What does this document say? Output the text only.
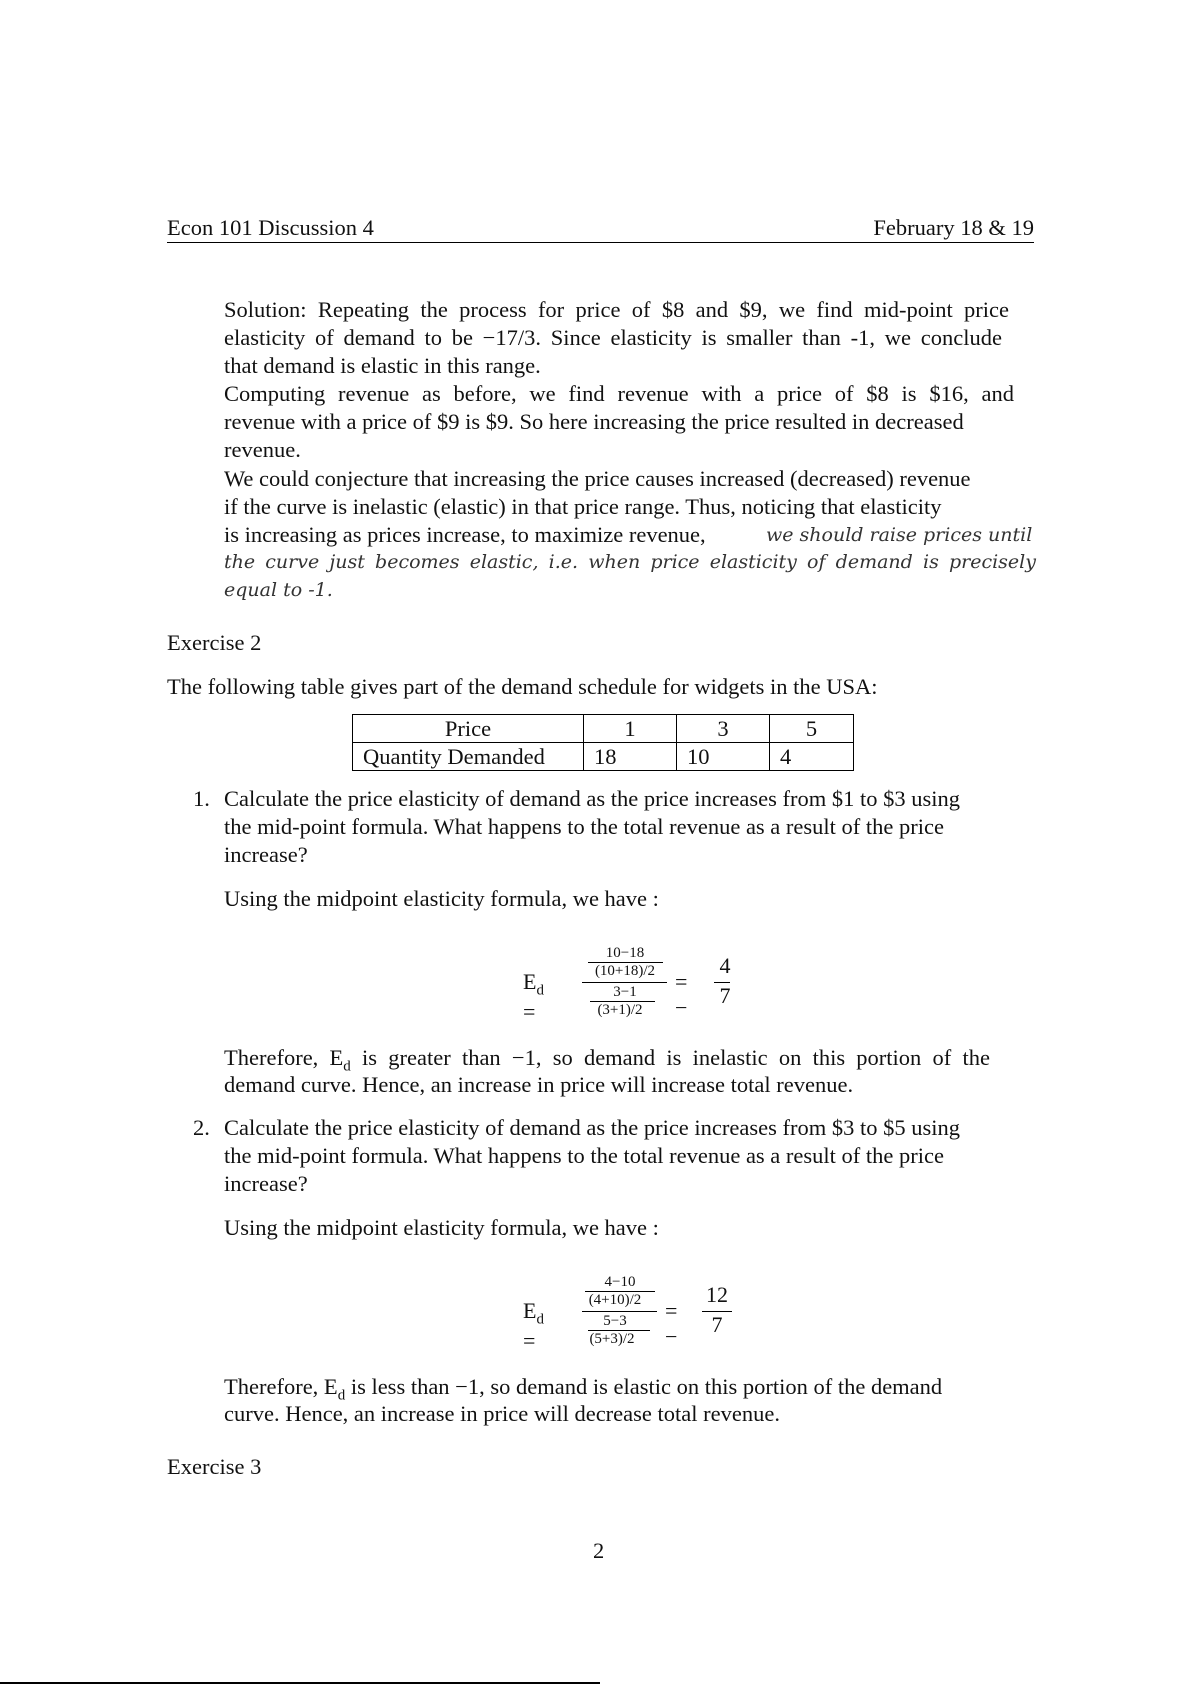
Econ 101 Discussion 4	February 18 & 19
Solution: Repeating the process for price of $8 and $9, we find mid-point price
elasticity of demand to be −17/3. Since elasticity is smaller than -1, we conclude
that demand is elastic in this range.
Computing revenue as before, we find revenue with a price of $8 is $16, and
revenue with a price of $9 is $9. So here increasing the price resulted in decreased
revenue.
We could conjecture that increasing the price causes increased (decreased) revenue
if the curve is inelastic (elastic) in that price range. Thus, noticing that elasticity
is increasing as prices increase, to maximize revenue,	we should raise prices until
the curve just becomes elastic, i.e. when price elasticity of demand is precisely
equal to -1.
Exercise 2
The following table gives part of the demand schedule for widgets in the USA:
Price	1	3	5
Quantity Demanded	18	10	4
1. Calculate the price elasticity of demand as the price increases from $1 to $3 using
the mid-point formula. What happens to the total revenue as a result of the price
increase?
Using the midpoint elasticity formula, we have :
$E_d$ =
10−18
(10+18)/2
3−1
(3+1)/2
= −
4
7
Therefore, $E_d$ is greater than −1, so demand is inelastic on this portion of the
demand curve. Hence, an increase in price will increase total revenue.
2. Calculate the price elasticity of demand as the price increases from $3 to $5 using
the mid-point formula. What happens to the total revenue as a result of the price
increase?
Using the midpoint elasticity formula, we have :
$E_d$ =
4−10
(4+10)/2
5−3
(5+3)/2
= −
12
7
Therefore, $E_d$ is less than −1, so demand is elastic on this portion of the demand
curve. Hence, an increase in price will decrease total revenue.
Exercise 3
2
